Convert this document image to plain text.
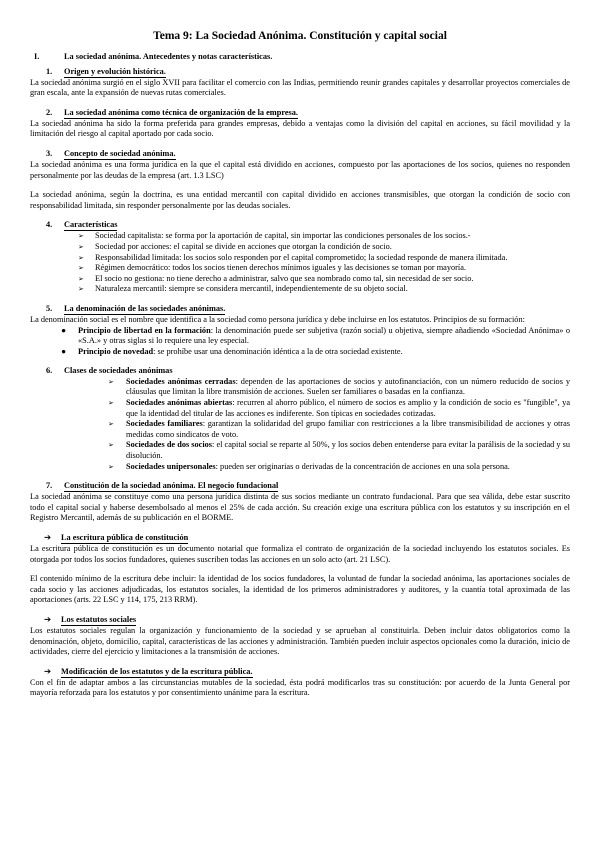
Tema 9: La Sociedad Anónima. Constitución y capital social
I.	La sociedad anónima. Antecedentes y notas características.
1.	Origen y evolución histórica.

La sociedad anónima surgió en el siglo XVII para facilitar el comercio con las Indias, permitiendo reunir grandes capitales y desarrollar proyectos comerciales de gran escala, ante la expansión de nuevas rutas comerciales.

2.	La sociedad anónima como técnica de organización de la empresa.

La sociedad anónima ha sido la forma preferida para grandes empresas, debido a ventajas como la división del capital en acciones, su fácil movilidad y la limitación del riesgo al capital aportado por cada socio.

3.	Concepto de sociedad anónima.

La sociedad anónima es una forma jurídica en la que el capital está dividido en acciones, compuesto por las aportaciones de los socios, quienes no responden personalmente por las deudas de la empresa (art. 1.3 LSC)

La sociedad anónima, según la doctrina, es una entidad mercantil con capital dividido en acciones transmisibles, que otorgan la condición de socio con responsabilidad limitada, sin responder personalmente por las deudas sociales.

4.	Características
➢	Sociedad capitalista: se forma por la aportación de capital, sin importar las condiciones personales de los socios.-
➢	Sociedad por acciones: el capital se divide en acciones que otorgan la condición de socio.
➢	Responsabilidad limitada: los socios solo responden por el capital comprometido; la sociedad responde de manera ilimitada.
➢	Régimen democrático: todos los socios tienen derechos mínimos iguales y las decisiones se toman por mayoría.
➢	El socio no gestiona: no tiene derecho a administrar, salvo que sea nombrado como tal, sin necesidad de ser socio.
➢	Naturaleza mercantil: siempre se considera mercantil, independientemente de su objeto social.
5.	La denominación de las sociedades anónimas.

La denominación social es el nombre que identifica a la sociedad como persona jurídica y debe incluirse en los estatutos. Principios de su formación:

●	Principio de libertad en la formación: la denominación puede ser subjetiva (razón social) u objetiva, siempre añadiendo «Sociedad Anónima» o «S.A.» y otras siglas si lo requiere una ley especial.
●	Principio de novedad: se prohíbe usar una denominación idéntica a la de otra sociedad existente.
6.	Clases de sociedades anónimas
➢	Sociedades anónimas cerradas: dependen de las aportaciones de socios y autofinanciación, con un número reducido de socios y cláusulas que limitan la libre transmisión de acciones. Suelen ser familiares o basadas en la confianza.
➢	Sociedades anónimas abiertas: recurren al ahorro público, el número de socios es amplio y la condición de socio es "fungible", ya que la identidad del titular de las acciones es indiferente. Son típicas en sociedades cotizadas.
➢	Sociedades familiares: garantizan la solidaridad del grupo familiar con restricciones a la libre transmisibilidad de acciones y otras medidas como sindicatos de voto.
➢	Sociedades de dos socios: el capital social se reparte al 50%, y los socios deben entenderse para evitar la parálisis de la sociedad y su disolución.
➢	Sociedades unipersonales: pueden ser originarias o derivadas de la concentración de acciones en una sola persona.
7.	Constitución de la sociedad anónima. El negocio fundacional

La sociedad anónima se constituye como una persona jurídica distinta de sus socios mediante un contrato fundacional. Para que sea válida, debe estar suscrito todo el capital social y haberse desembolsado al menos el 25% de cada acción. Su creación exige una escritura pública con los estatutos y su inscripción en el Registro Mercantil, además de su publicación en el BORME.

➔	La escritura pública de constitución

La escritura pública de constitución es un documento notarial que formaliza el contrato de organización de la sociedad incluyendo los estatutos sociales. Es otorgada por todos los socios fundadores, quienes suscriben todas las acciones en un solo acto (art. 21 LSC).

El contenido mínimo de la escritura debe incluir: la identidad de los socios fundadores, la voluntad de fundar la sociedad anónima, las aportaciones sociales de cada socio y las acciones adjudicadas, los estatutos sociales, la identidad de los primeros administradores y auditores, y la cuantía total aproximada de las aportaciones (arts. 22 LSC y 114, 175, 213 RRM).

➔	Los estatutos sociales

Los estatutos sociales regulan la organización y funcionamiento de la sociedad y se aprueban al constituirla. Deben incluir datos obligatorios como la denominación, objeto, domicilio, capital, características de las acciones y administración. También pueden incluir aspectos opcionales como la duración, inicio de actividades, cierre del ejercicio y limitaciones a la transmisión de acciones.

➔	Modificación de los estatutos y de la escritura pública.

Con el fin de adaptar ambos a las circunstancias mutables de la sociedad, ésta podrá modificarlos tras su constitución: por acuerdo de la Junta General por mayoría reforzada para los estatutos y por consentimiento unánime para la escritura.
